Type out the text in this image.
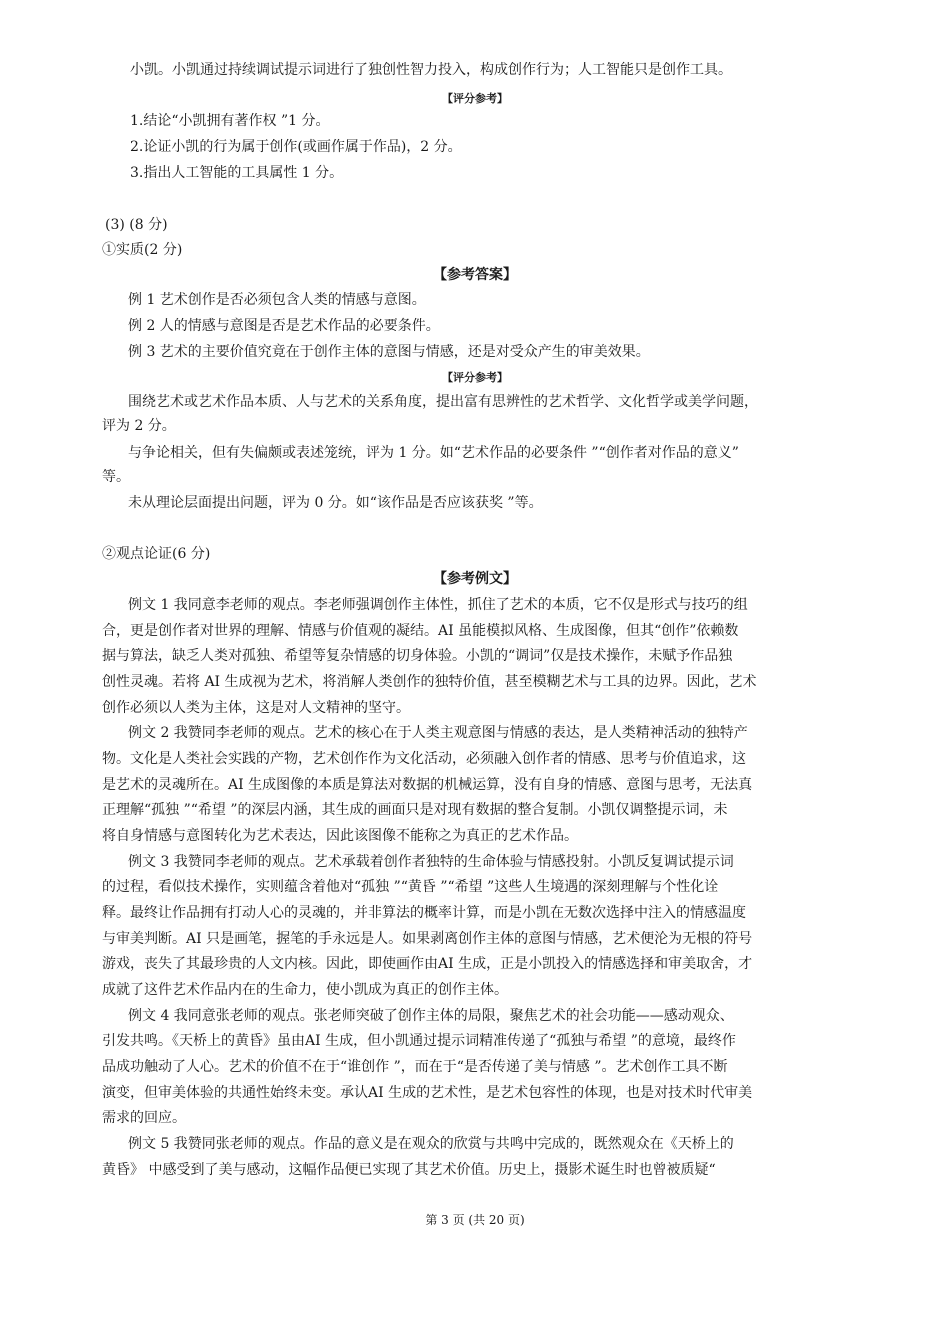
小凯。小凯通过持续调试提示词进行了独创性智力投入，构成创作行为；人工智能只是创作工具。
【评分参考】
1.结论“小凯拥有著作权 ”1 分。
2.论证小凯的行为属于创作(或画作属于作品)，2 分。
3.指出人工智能的工具属性 1 分。
(3) (8 分)
①实质(2 分)
【参考答案】
例 1 艺术创作是否必须包含人类的情感与意图。
例 2 人的情感与意图是否是艺术作品的必要条件。
例 3 艺术的主要价值究竟在于创作主体的意图与情感，还是对受众产生的审美效果。
【评分参考】
围绕艺术或艺术作品本质、人与艺术的关系角度，提出富有思辨性的艺术哲学、文化哲学或美学问题，
评为 2 分。
与争论相关，但有失偏颇或表述笼统，评为 1 分。如“艺术作品的必要条件 ”“创作者对作品的意义”
等。
未从理论层面提出问题，评为 0 分。如“该作品是否应该获奖 ”等。
②观点论证(6 分)
【参考例文】
例文 1 我同意李老师的观点。李老师强调创作主体性，抓住了艺术的本质，它不仅是形式与技巧的组
合，更是创作者对世界的理解、情感与价值观的凝结。AI 虽能模拟风格、生成图像，但其“创作”依赖数
据与算法，缺乏人类对孤独、希望等复杂情感的切身体验。小凯的“调词”仅是技术操作，未赋予作品独
创性灵魂。若将 AI 生成视为艺术，将消解人类创作的独特价值，甚至模糊艺术与工具的边界。因此，艺术
创作必须以人类为主体，这是对人文精神的坚守。
例文 2 我赞同李老师的观点。艺术的核心在于人类主观意图与情感的表达，是人类精神活动的独特产
物。文化是人类社会实践的产物，艺术创作作为文化活动，必须融入创作者的情感、思考与价值追求，这
是艺术的灵魂所在。AI 生成图像的本质是算法对数据的机械运算，没有自身的情感、意图与思考，无法真
正理解“孤独 ”“希望 ”的深层内涵，其生成的画面只是对现有数据的整合复制。小凯仅调整提示词，未
将自身情感与意图转化为艺术表达，因此该图像不能称之为真正的艺术作品。
例文 3 我赞同李老师的观点。艺术承载着创作者独特的生命体验与情感投射。小凯反复调试提示词
的过程，看似技术操作，实则蕴含着他对“孤独 ”“黄昏 ”“希望 ”这些人生境遇的深刻理解与个性化诠
释。最终让作品拥有打动人心的灵魂的，并非算法的概率计算，而是小凯在无数次选择中注入的情感温度
与审美判断。AI 只是画笔，握笔的手永远是人。如果剥离创作主体的意图与情感，艺术便沦为无根的符号
游戏，丧失了其最珍贵的人文内核。因此，即使画作由AI 生成，正是小凯投入的情感选择和审美取舍，才
成就了这件艺术作品内在的生命力，使小凯成为真正的创作主体。
例文 4 我同意张老师的观点。张老师突破了创作主体的局限，聚焦艺术的社会功能——感动观众、
引发共鸣。《天桥上的黄昏》虽由AI 生成，但小凯通过提示词精准传递了“孤独与希望 ”的意境，最终作
品成功触动了人心。艺术的价值不在于“谁创作 ”，而在于“是否传递了美与情感 ”。艺术创作工具不断
演变，但审美体验的共通性始终未变。承认AI 生成的艺术性，是艺术包容性的体现，也是对技术时代审美
需求的回应。
例文 5 我赞同张老师的观点。作品的意义是在观众的欣赏与共鸣中完成的，既然观众在《天桥上的
黄昏》 中感受到了美与感动，这幅作品便已实现了其艺术价值。历史上，摄影术诞生时也曾被质疑“
第 3 页 (共 20 页)
